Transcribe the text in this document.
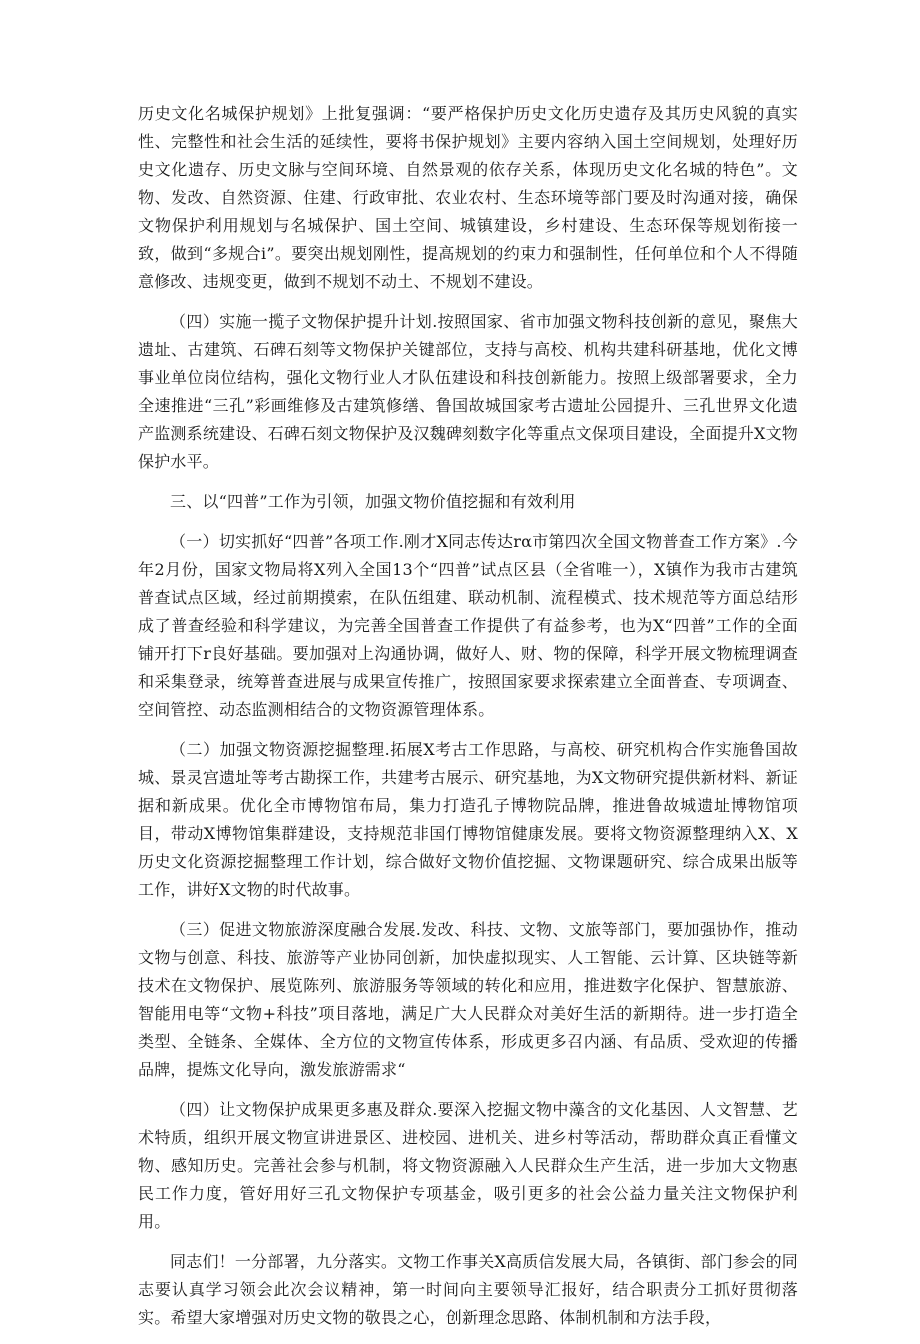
历史文化名城保护规划》上批复强调：“要严格保护历史文化历史遗存及其历史风貌的真实性、完整性和社会生活的延续性，要将书保护规划》主要内容纳入国土空间规划，处理好历史文化遗存、历史文脉与空间环境、自然景观的依存关系，体现历史文化名城的特色”。文物、发改、自然资源、住建、行政审批、农业农村、生态环境等部门要及时沟通对接，确保文物保护利用规划与名城保护、国土空间、城镇建设，乡村建设、生态环保等规划衔接一致，做到“多规合i”。要突出规划刚性，提高规划的约束力和强制性，任何单位和个人不得随意修改、违规变更，做到不规划不动土、不规划不建设。

（四）实施一揽子文物保护提升计划.按照国家、省市加强文物科技创新的意见，聚焦大遗址、古建筑、石碑石刻等文物保护关键部位，支持与高校、机构共建科研基地，优化文博事业单位岗位结构，强化文物行业人才队伍建设和科技创新能力。按照上级部署要求，全力全速推进“三孔”彩画维修及古建筑修缮、鲁国故城国家考古遗址公园提升、三孔世界文化遗产监测系统建设、石碑石刻文物保护及汉魏碑刻数字化等重点文保项目建设，全面提升X文物保护水平。

三、以“四普”工作为引领，加强文物价值挖掘和有效利用

（一）切实抓好“四普”各项工作.刚才X同志传达rα市第四次全国文物普查工作方案》.今年2月份，国家文物局将X列入全国13个“四普”试点区县（全省唯一），X镇作为我市古建筑普查试点区域，经过前期摸索，在队伍组建、联动机制、流程模式、技术规范等方面总结形成了普查经验和科学建议，为完善全国普查工作提供了有益参考，也为X“四普”工作的全面铺开打下r良好基础。要加强对上沟通协调，做好人、财、物的保障，科学开展文物梳理调查和采集登录，统筹普查进展与成果宣传推广，按照国家要求探索建立全面普查、专项调查、空间管控、动态监测相结合的文物资源管理体系。

（二）加强文物资源挖掘整理.拓展X考古工作思路，与高校、研究机构合作实施鲁国故城、景灵宫遗址等考古勘探工作，共建考古展示、研究基地，为X文物研究提供新材料、新证据和新成果。优化全市博物馆布局，集力打造孔子博物院品牌，推进鲁故城遗址博物馆项目，带动X博物馆集群建设，支持规范非国仃博物馆健康发展。要将文物资源整理纳入X、X历史文化资源挖掘整理工作计划，综合做好文物价值挖掘、文物课题研究、综合成果出版等工作，讲好X文物的时代故事。

（三）促进文物旅游深度融合发展.发改、科技、文物、文旅等部门，要加强协作，推动文物与创意、科技、旅游等产业协同创新，加快虚拟现实、人工智能、云计算、区块链等新技术在文物保护、展览陈列、旅游服务等领域的转化和应用，推进数字化保护、智慧旅游、智能用电等“文物+科技”项目落地，满足广大人民群众对美好生活的新期待。进一步打造全类型、全链条、全媒体、全方位的文物宣传体系，形成更多召内涵、有品质、受欢迎的传播品牌，提炼文化导向，激发旅游需求“

（四）让文物保护成果更多惠及群众.要深入挖掘文物中藻含的文化基因、人文智慧、艺术特质，组织开展文物宣讲进景区、进校园、进机关、进乡村等活动，帮助群众真正看懂文物、感知历史。完善社会参与机制，将文物资源融入人民群众生产生活，进一步加大文物惠民工作力度，管好用好三孔文物保护专项基金，吸引更多的社会公益力量关注文物保护利用。

同志们！一分部署，九分落实。文物工作事关X高质信发展大局，各镇街、部门参会的同志要认真学习领会此次会议精神，第一时间向主要领导汇报好，结合职责分工抓好贯彻落实。希望大家增强对历史文物的敬畏之心，创新理念思路、体制机制和方法手段，
